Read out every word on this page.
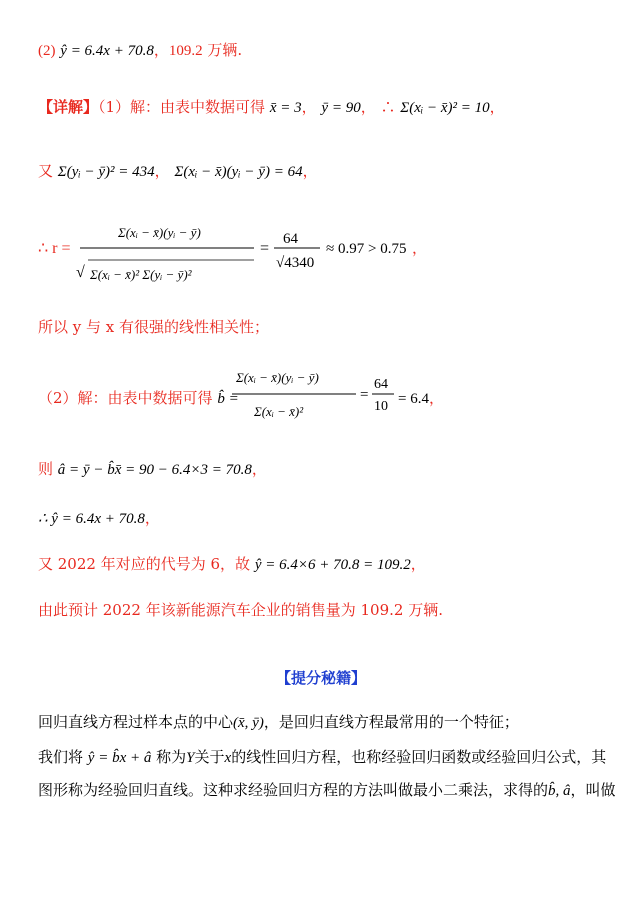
(2) ŷ = 6.4x + 70.8，109.2 万辆.
【详解】（1）解：由表中数据可得 x̄ = 3， ȳ = 90， ∴ Σ(xᵢ − x̄)² = 10，
又 Σ(yᵢ − ȳ)² = 434， Σ(xᵢ − x̄)(yᵢ − ȳ) = 64，
∴ r =
Σ(xᵢ − x̄)(yᵢ − ȳ)
√ Σ(xᵢ − x̄)² Σ(yᵢ − ȳ)²
=
64
√4340
≈ 0.97 > 0.75 ，
所以 y 与 x 有很强的线性相关性；
（2）解：由表中数据可得 b̂ =
Σ(xᵢ − x̄)(yᵢ − ȳ)
Σ(xᵢ − x̄)²
=
64
10 = 6.4，
则 â = ȳ − b̂x̄ = 90 − 6.4×3 = 70.8，
∴ ŷ = 6.4x + 70.8，
又 2022 年对应的代号为 6，故 ŷ = 6.4×6 + 70.8 = 109.2，
由此预计 2022 年该新能源汽车企业的销售量为 109.2 万辆.
【提分秘籍】
回归直线方程过样本点的中心(x̄, ȳ)，是回归直线方程最常用的一个特征；
我们将 ŷ = b̂x + â 称为Y关于x的线性回归方程，也称经验回归函数或经验回归公式，其
图形称为经验回归直线。这种求经验回归方程的方法叫做最小二乘法，求得的b̂, â，叫做
